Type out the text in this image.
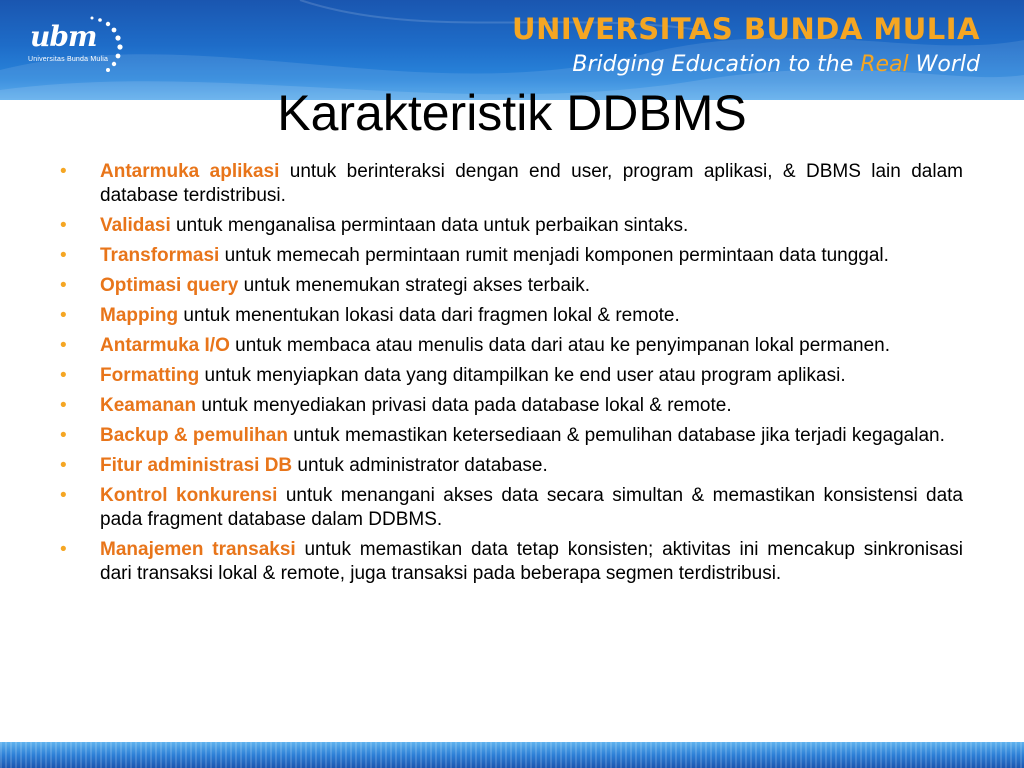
ubm
Universitas Bunda Mulia
UNIVERSITAS BUNDA MULIA
Bridging Education to the Real World
Karakteristik DDBMS
• Antarmuka aplikasi untuk berinteraksi dengan end user, program aplikasi, & DBMS lain dalam database terdistribusi.
• Validasi untuk menganalisa permintaan data untuk perbaikan sintaks.
• Transformasi untuk memecah permintaan rumit menjadi komponen permintaan data tunggal.
• Optimasi query untuk menemukan strategi akses terbaik.
• Mapping untuk menentukan lokasi data dari fragmen lokal & remote.
• Antarmuka I/O untuk membaca atau menulis data dari atau ke penyimpanan lokal permanen.
• Formatting untuk menyiapkan data yang ditampilkan ke end user atau program aplikasi.
• Keamanan untuk menyediakan privasi data pada database lokal & remote.
• Backup & pemulihan untuk memastikan ketersediaan & pemulihan database jika terjadi kegagalan.
• Fitur administrasi DB untuk administrator database.
• Kontrol konkurensi untuk menangani akses data secara simultan & memastikan konsistensi data pada fragment database dalam DDBMS.
• Manajemen transaksi untuk memastikan data tetap konsisten; aktivitas ini mencakup sinkronisasi dari transaksi lokal & remote, juga transaksi pada beberapa segmen terdistribusi.
